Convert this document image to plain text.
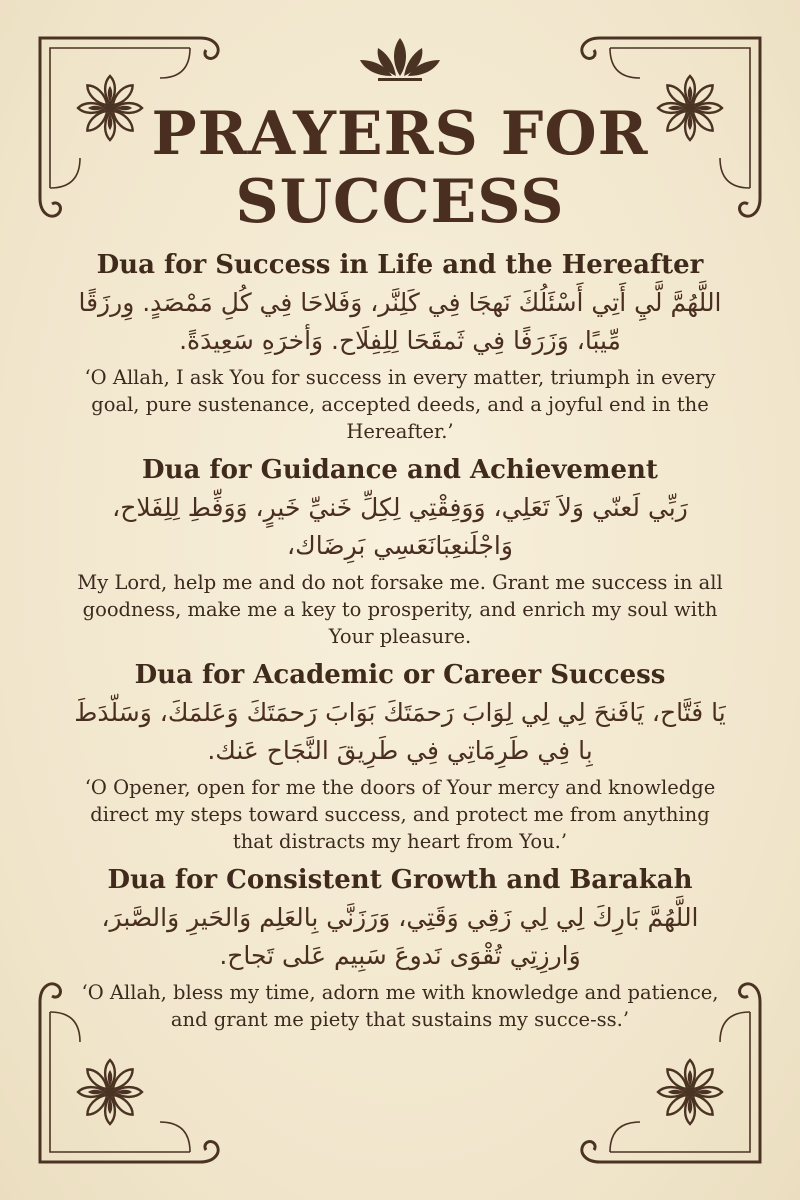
PRAYERS FOR
SUCCESS
Dua for Success in Life and the Hereafter

اللَّهُمَّ لَّيِ أَتِي أَسْئَلُكَ نَهجَا فِي كَلِنَّر، وَفَلاحَا فِي كُلِ مَمْصَدٍ. وِرزَقًا مِّيبًا، وَزَرَفًا فِي ثَمقَحَا لِلِفِلَاح. وَأخرَهِ سَعِيدَةً.

‘O Allah, I ask You for success in every matter, triumph in every goal, pure sustenance, accepted deeds, and a joyful end in the Hereafter.’

Dua for Guidance and Achievement

رَبِّي لَعنّي وَلاَ تَعَلِي، وَوَفِقْتِي لِكِلِّ خَنيِّ خَيرٍ، وَوَفِّطِ لِلِفَلاح، وَاجْلَنعِبَانَعَسِي بَرِضَاك،

My Lord, help me and do not forsake me. Grant me success in all goodness, make me a key to prosperity, and enrich my soul with Your pleasure.

Dua for Academic or Career Success

يَا فَتَّاح، يَافَنحَ لِي لِي لِوَابَ رَحمَتَكَ بَوَابَ رَحمَتَكَ وَعَلمَكَ، وَسَلّدَطَ بِا فِي طَرِمَاتِي فِي طَرِيقَ النَّجَاح عَنك.

‘O Opener, open for me the doors of Your mercy and knowledge direct my steps toward success, and protect me from anything that distracts my heart from You.’

Dua for Consistent Growth and Barakah

اللَّهُمَّ بَارِكَ لِي لِي زَقِي وَقَتِي، وَرَزَنَّي بِالعَلِم وَالحَيرِ وَالصَّبرَ، وَارزِتِي تُقْوَى نَدوعَ سَبِيم عَلى تَجاح.

‘O Allah, bless my time, adorn me with knowledge and patience, and grant me piety that sustains my succe-ss.’
